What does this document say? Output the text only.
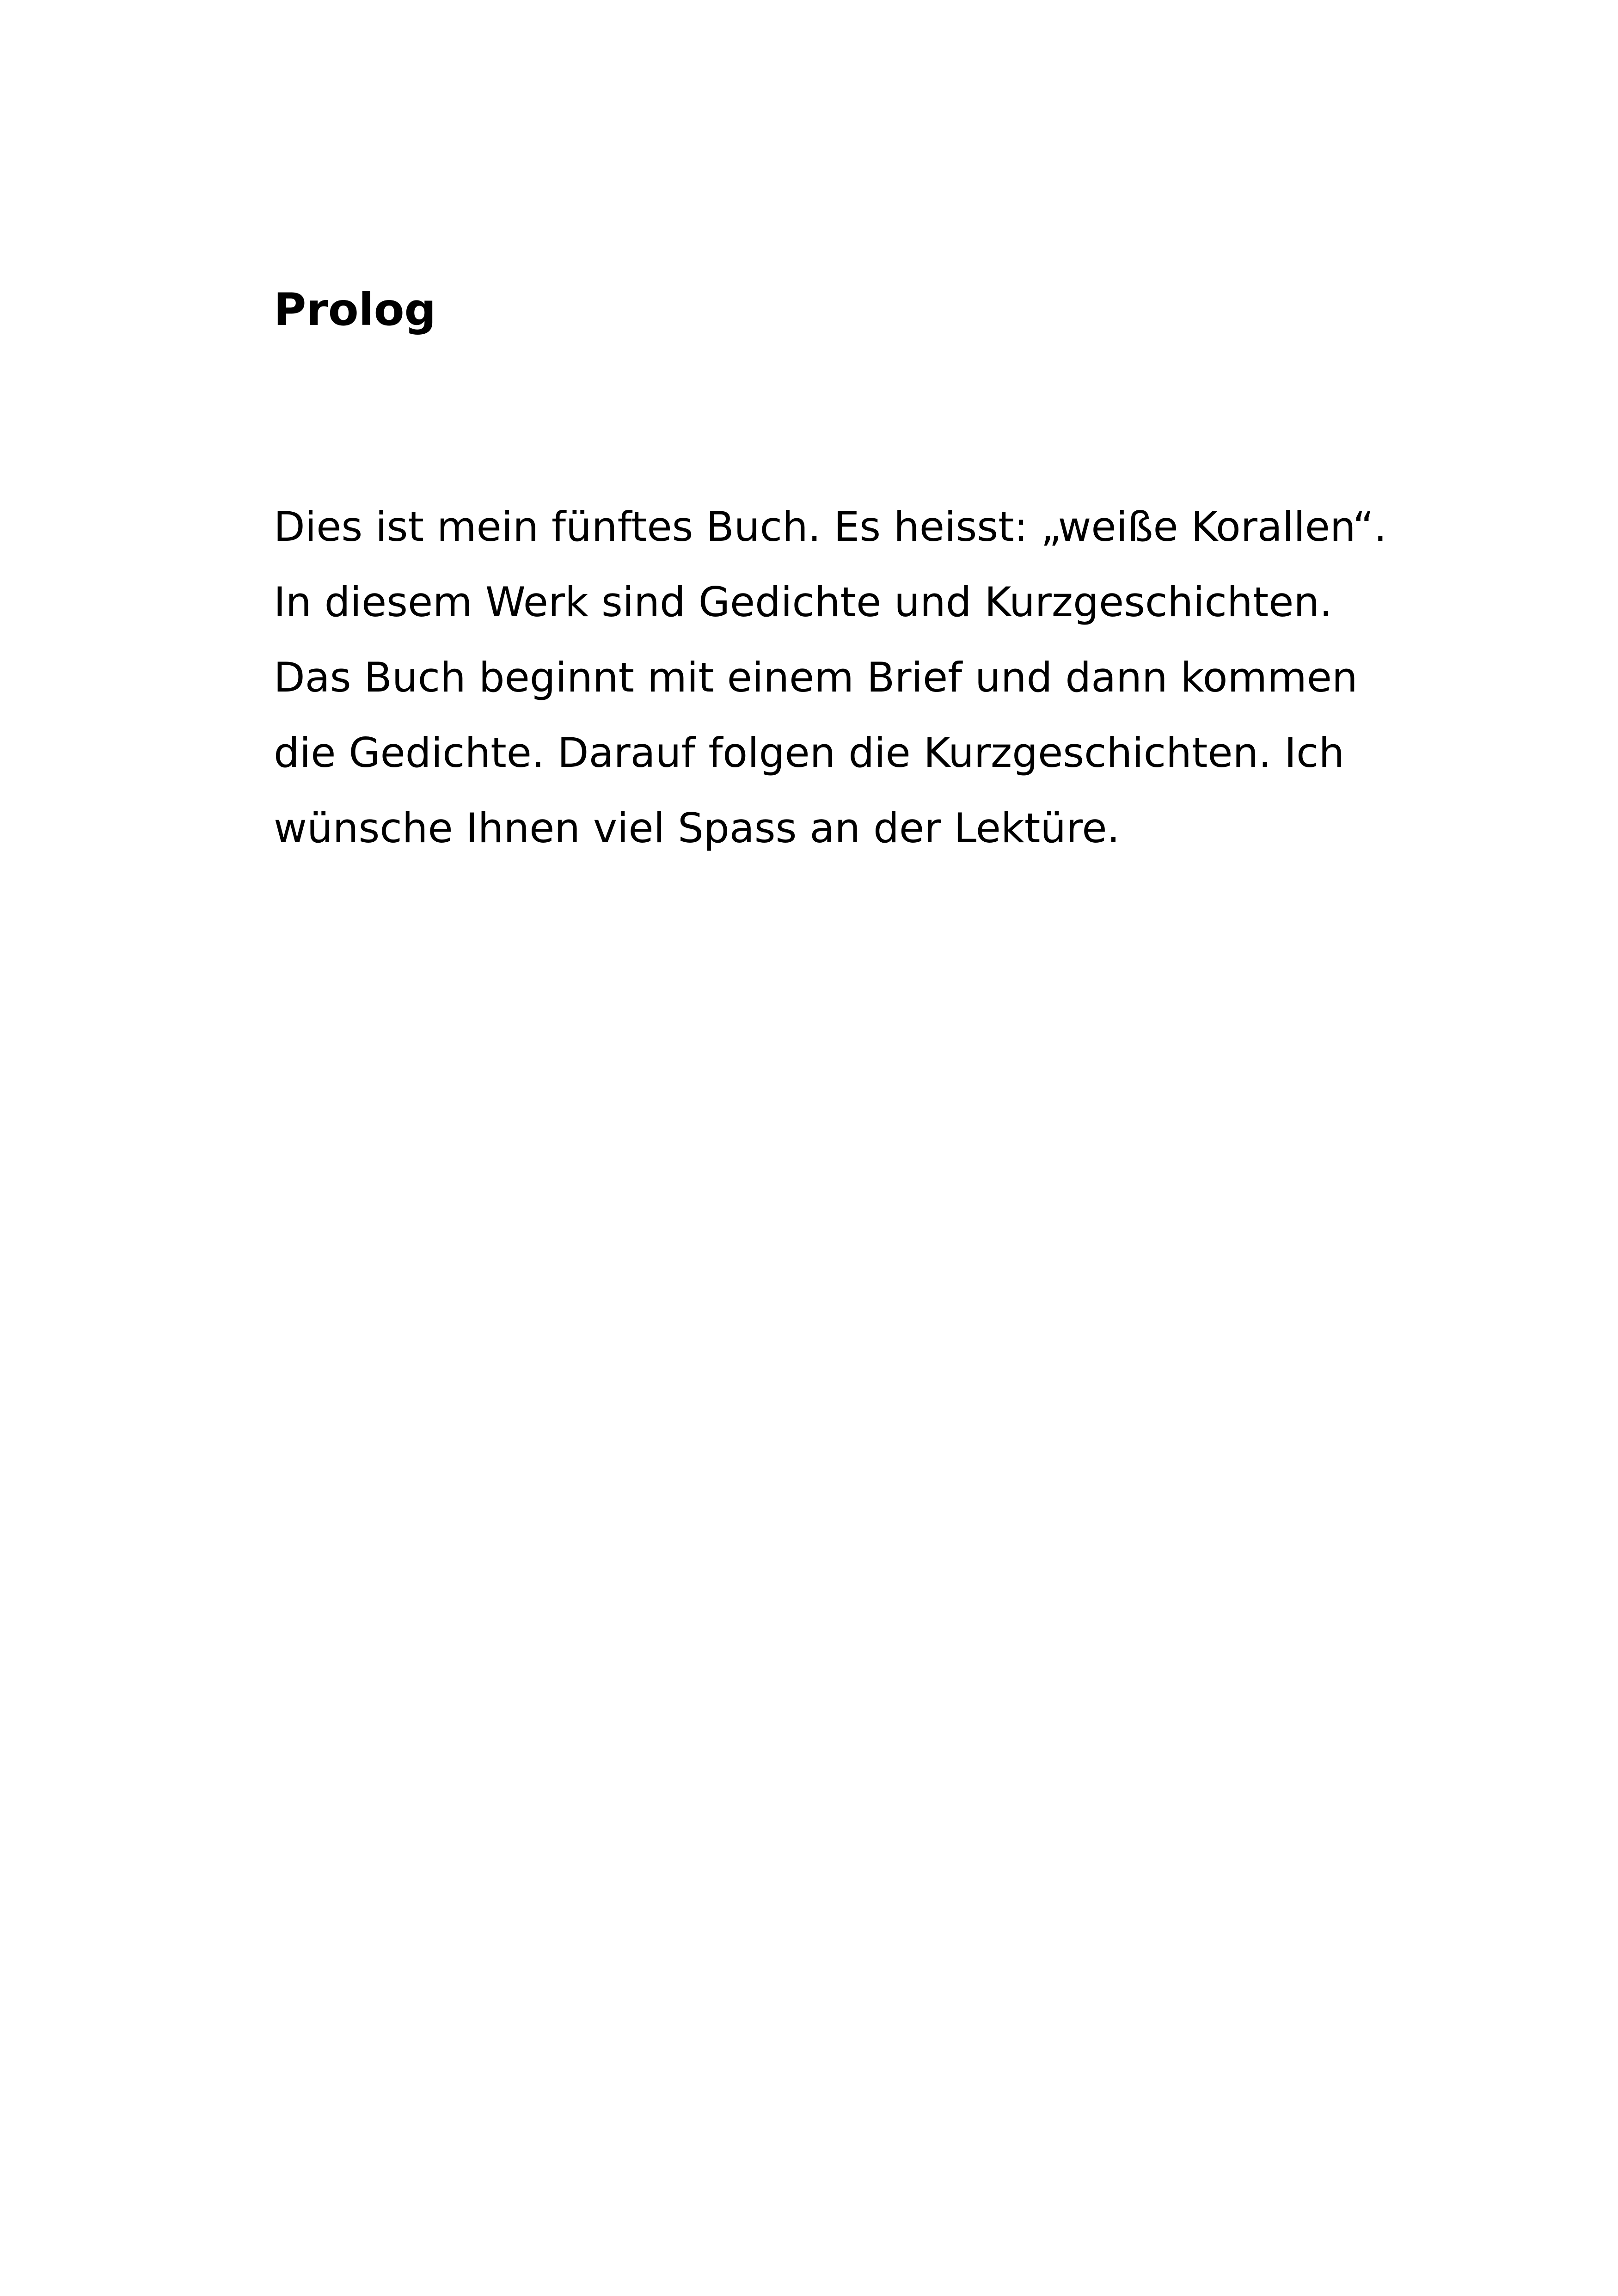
Prolog
Dies ist mein fünftes Buch. Es heisst: „weiße Korallen“.
In diesem Werk sind Gedichte und Kurzgeschichten.
Das Buch beginnt mit einem Brief und dann kommen
die Gedichte. Darauf folgen die Kurzgeschichten. Ich
wünsche Ihnen viel Spass an der Lektüre.
